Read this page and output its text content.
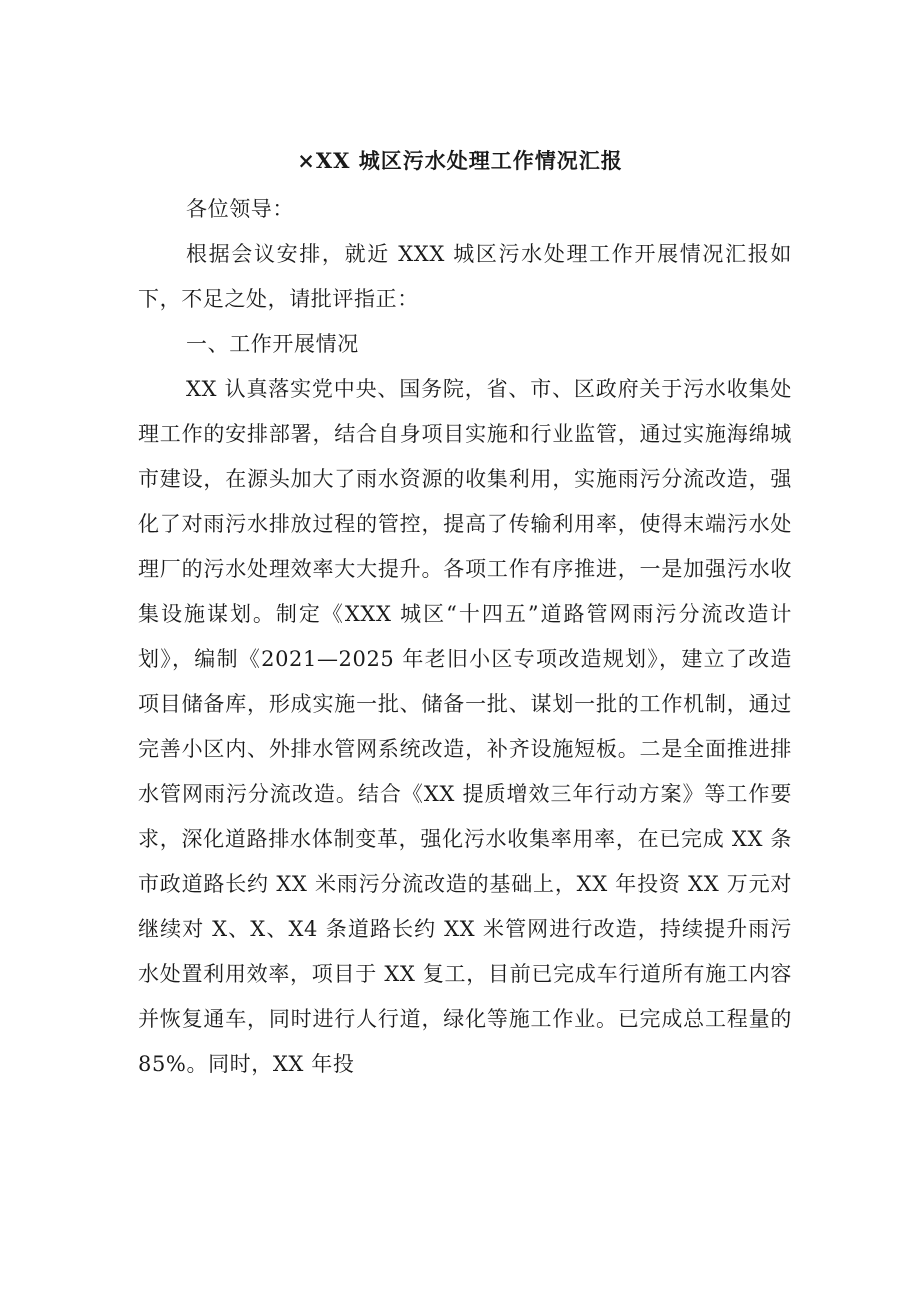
×XX 城区污水处理工作情况汇报

各位领导：

根据会议安排，就近 XXX 城区污水处理工作开展情况汇报如下，不足之处，请批评指正：

一、工作开展情况

XX 认真落实党中央、国务院，省、市、区政府关于污水收集处理工作的安排部署，结合自身项目实施和行业监管，通过实施海绵城市建设，在源头加大了雨水资源的收集利用，实施雨污分流改造，强化了对雨污水排放过程的管控，提高了传输利用率，使得末端污水处理厂的污水处理效率大大提升。各项工作有序推进，一是加强污水收集设施谋划。制定《XXX 城区“十四五”道路管网雨污分流改造计划》，编制《2021—2025 年老旧小区专项改造规划》，建立了改造项目储备库，形成实施一批、储备一批、谋划一批的工作机制，通过完善小区内、外排水管网系统改造，补齐设施短板。二是全面推进排水管网雨污分流改造。结合《XX 提质增效三年行动方案》等工作要求，深化道路排水体制变革，强化污水收集率用率，在已完成 XX 条市政道路长约 XX 米雨污分流改造的基础上，XX 年投资 XX 万元对继续对 X、X、X4 条道路长约 XX 米管网进行改造，持续提升雨污水处置利用效率，项目于 XX 复工，目前已完成车行道所有施工内容并恢复通车，同时进行人行道，绿化等施工作业。已完成总工程量的 85%。同时，XX 年投
